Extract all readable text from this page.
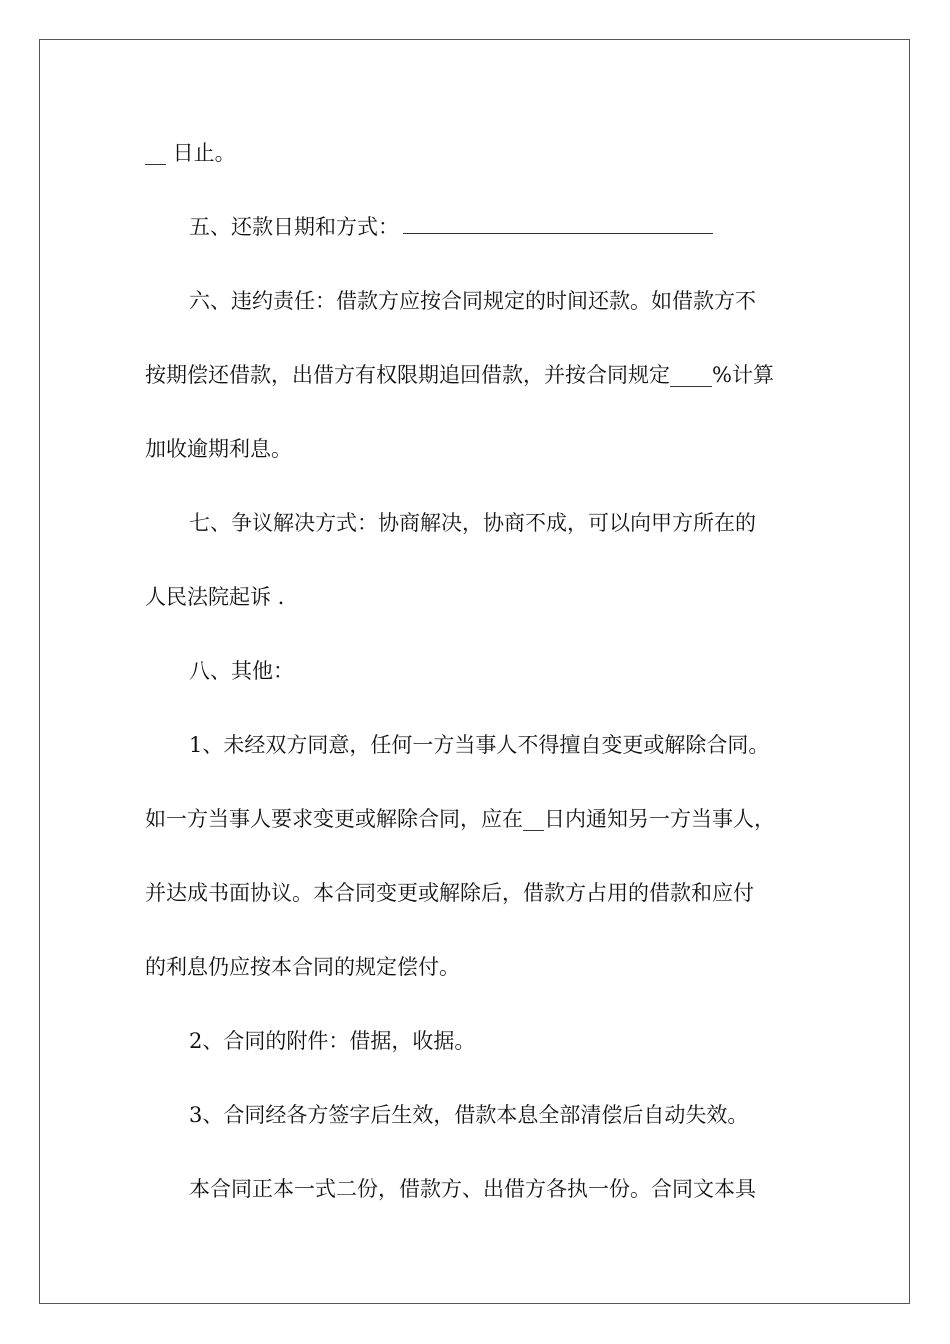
__ 日止。
五、还款日期和方式：
六、违约责任：借款方应按合同规定的时间还款。如借款方不
按期偿还借款，出借方有权限期追回借款，并按合同规定____%计算
加收逾期利息。
七、争议解决方式：协商解决，协商不成，可以向甲方所在的
人民法院起诉 .
八、其他：
1、未经双方同意，任何一方当事人不得擅自变更或解除合同。
如一方当事人要求变更或解除合同，应在__日内通知另一方当事人，
并达成书面协议。本合同变更或解除后，借款方占用的借款和应付
的利息仍应按本合同的规定偿付。
2、合同的附件：借据，收据。
3、合同经各方签字后生效，借款本息全部清偿后自动失效。
本合同正本一式二份，借款方、出借方各执一份。合同文本具
